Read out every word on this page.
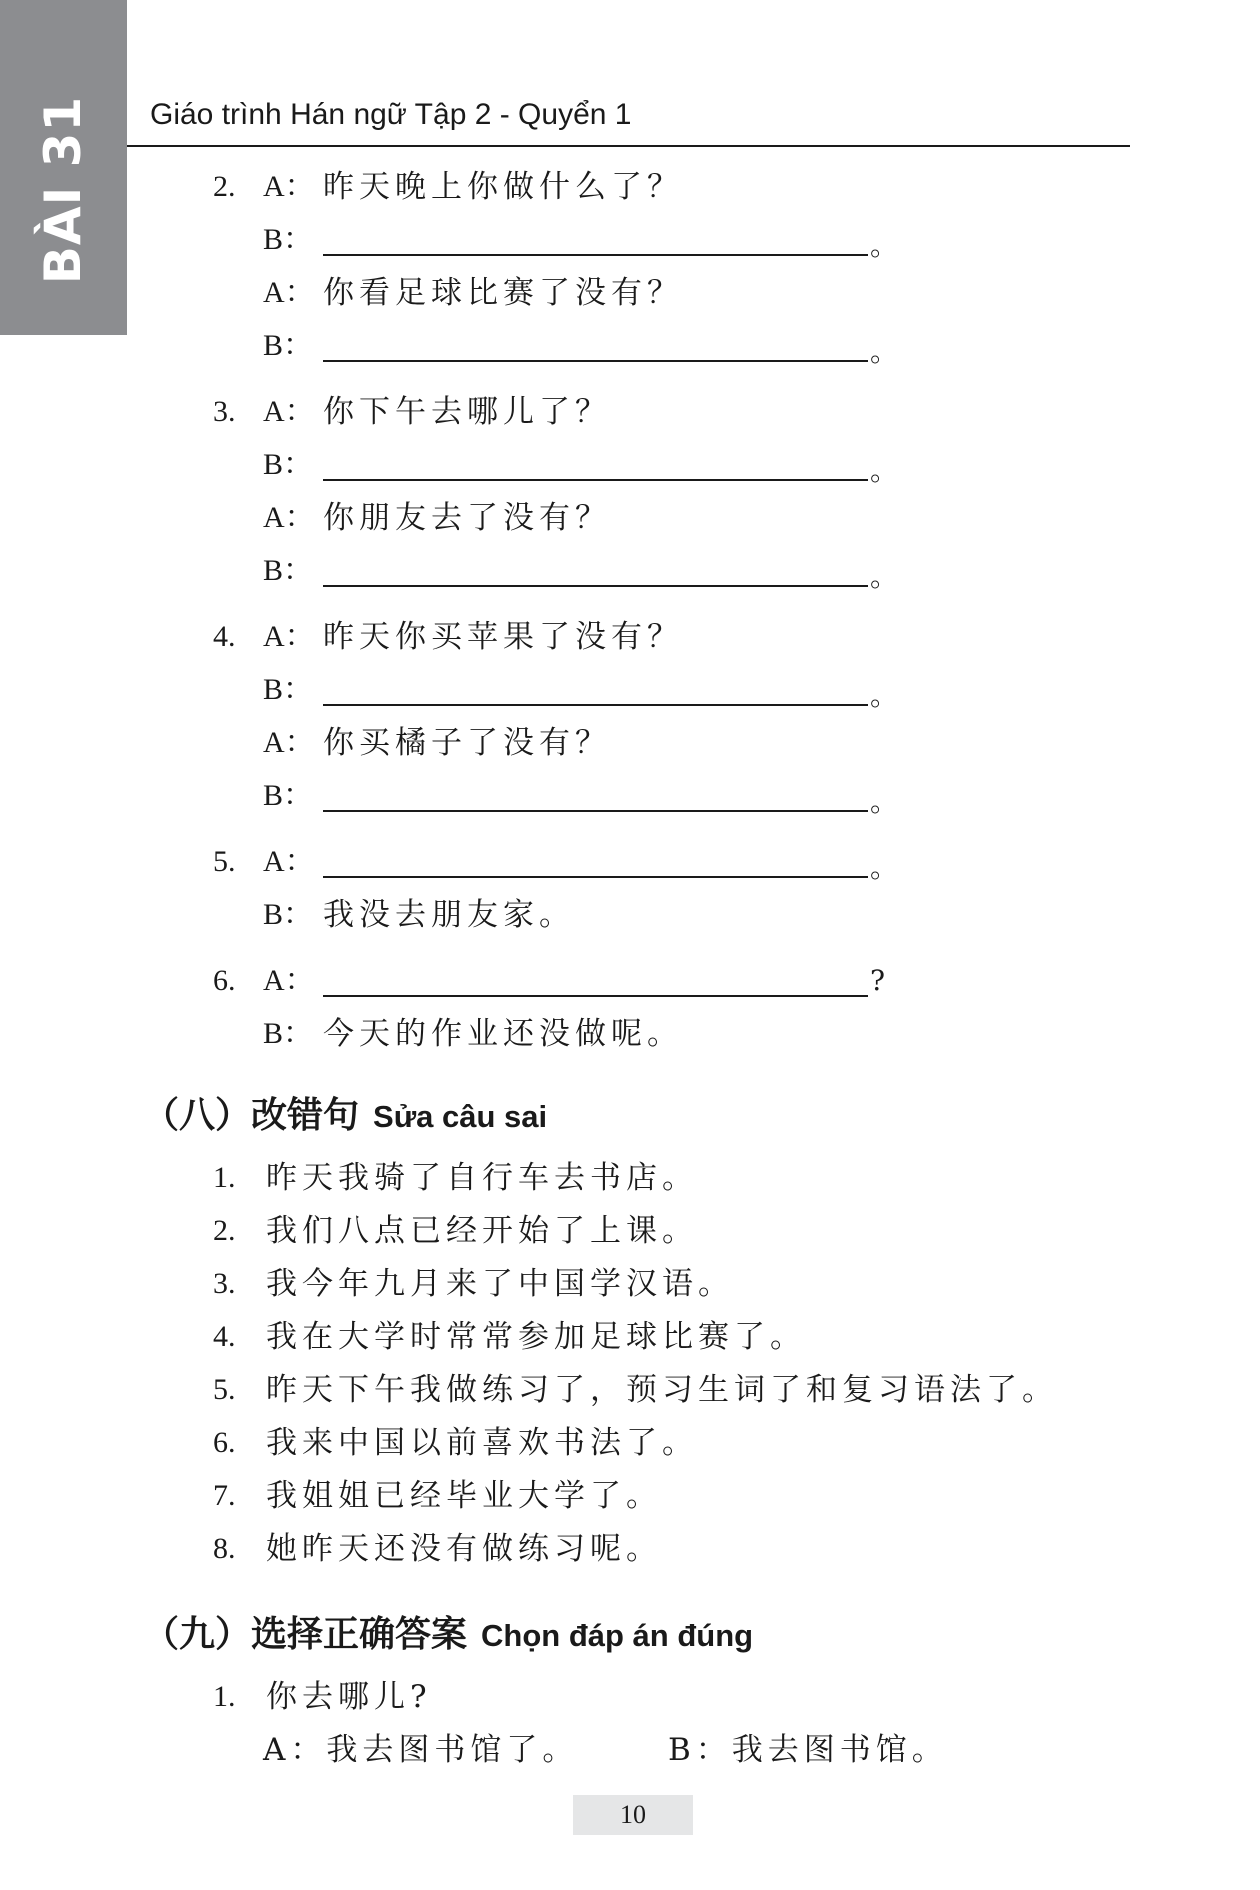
BÀI 31 Giáo trình Hán ngữ Tập 2 - Quyển 1
2. A： 昨天晚上你做什么了？
B：	。
A： 你看足球比赛了没有？
B：	。
3. A： 你下午去哪儿了？
B：	。
A： 你朋友去了没有？
B：	。
4. A： 昨天你买苹果了没有？
B：	。
A： 你买橘子了没有？
B：	。
5. A：	。
B： 我没去朋友家。
6. A：	?
B： 今天的作业还没做呢。
（八）改错句 Sửa câu sai
1. 昨天我骑了自行车去书店。
2. 我们八点已经开始了上课。
3. 我今年九月来了中国学汉语。
4. 我在大学时常常参加足球比赛了。
5. 昨天下午我做练习了，预习生词了和复习语法了。
6. 我来中国以前喜欢书法了。
7. 我姐姐已经毕业大学了。
8. 她昨天还没有做练习呢。
（九）选择正确答案 Chọn đáp án đúng
1. 你去哪儿?
A：我去图书馆了。	B：我去图书馆。
10
